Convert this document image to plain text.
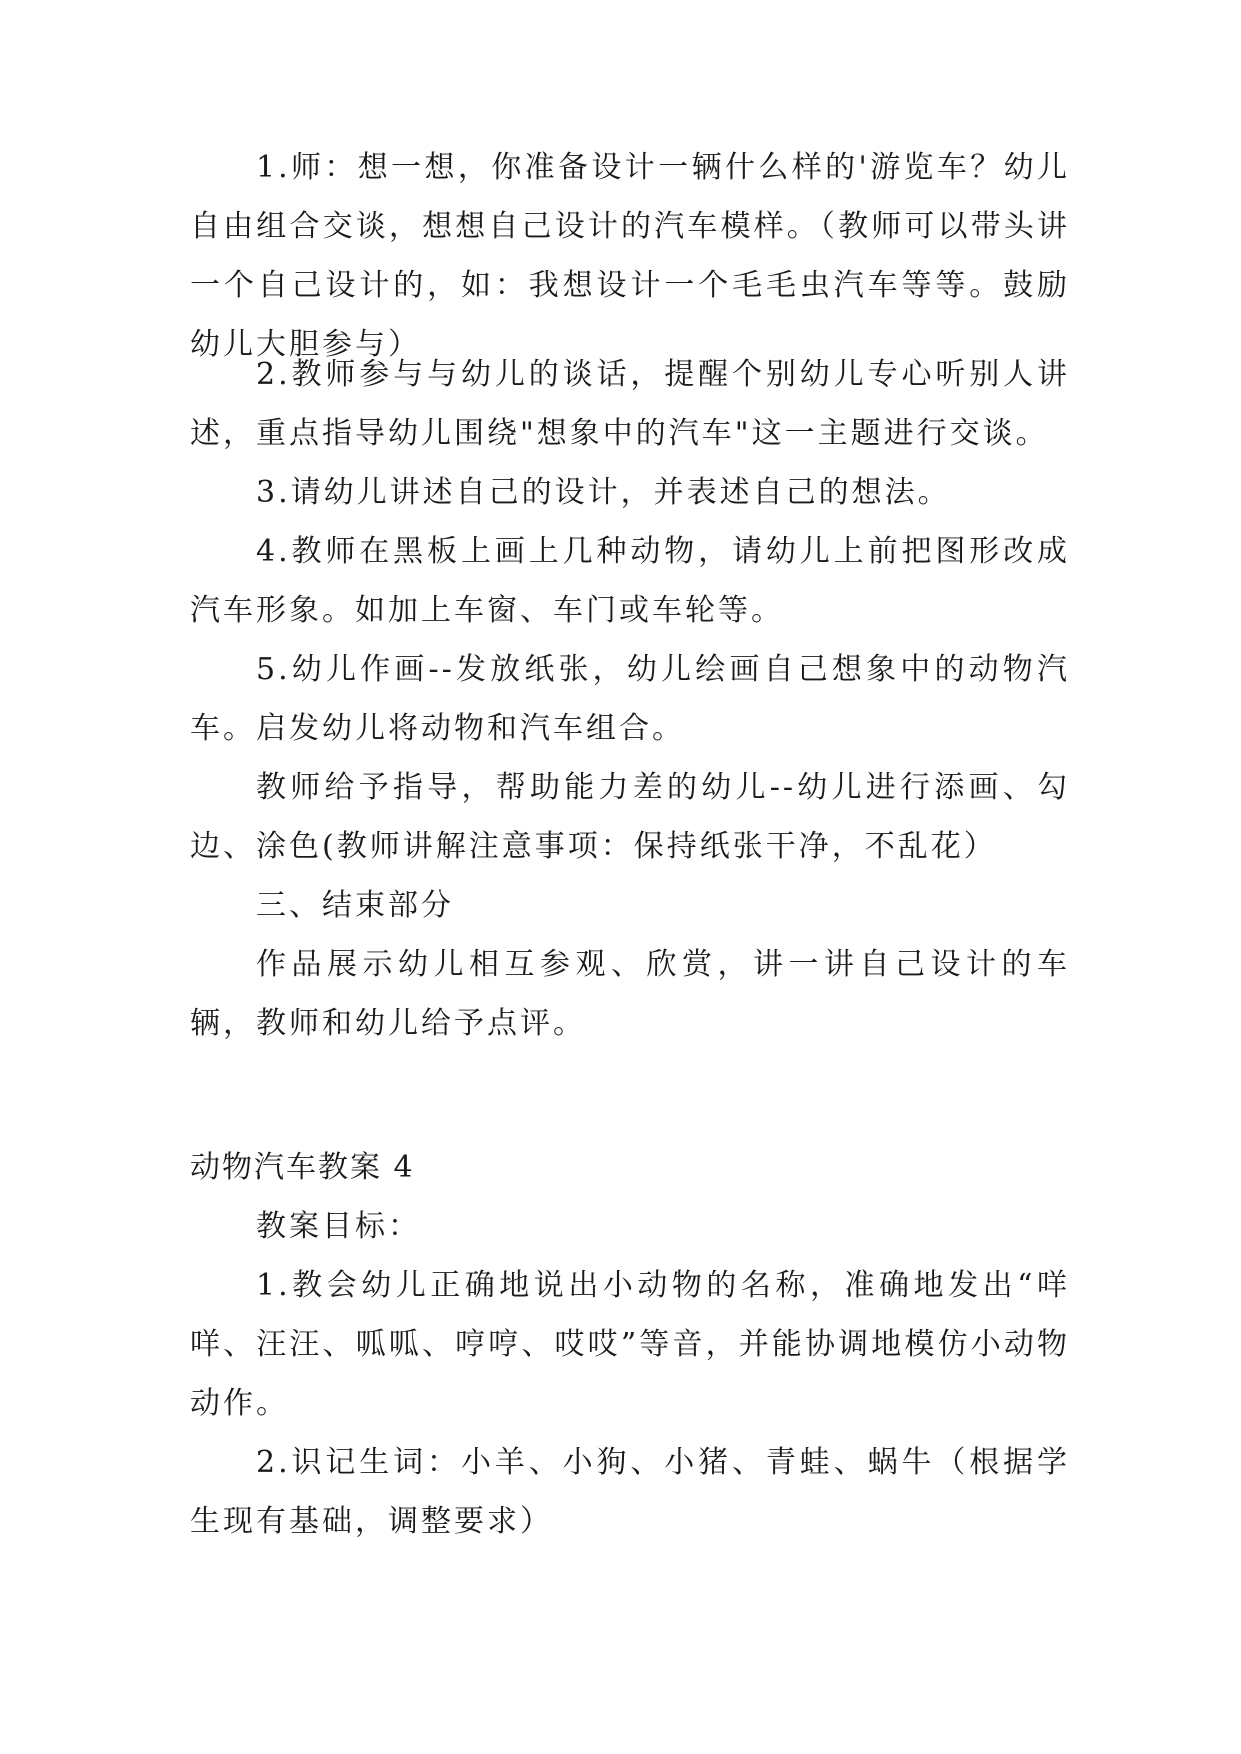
1.师：想一想，你准备设计一辆什么样的'游览车？幼儿自由组合交谈，想想自己设计的汽车模样。（教师可以带头讲一个自己设计的，如：我想设计一个毛毛虫汽车等等。鼓励幼儿大胆参与）

2.教师参与与幼儿的谈话，提醒个别幼儿专心听别人讲述，重点指导幼儿围绕"想象中的汽车"这一主题进行交谈。

3.请幼儿讲述自己的设计，并表述自己的想法。

4.教师在黑板上画上几种动物，请幼儿上前把图形改成汽车形象。如加上车窗、车门或车轮等。

5.幼儿作画--发放纸张，幼儿绘画自己想象中的动物汽车。启发幼儿将动物和汽车组合。

教师给予指导，帮助能力差的幼儿--幼儿进行添画、勾边、涂色(教师讲解注意事项：保持纸张干净，不乱花）

三、结束部分

作品展示幼儿相互参观、欣赏，讲一讲自己设计的车辆，教师和幼儿给予点评。

动物汽车教案 4

教案目标：

1.教会幼儿正确地说出小动物的名称，准确地发出“咩咩、汪汪、呱呱、哼哼、哎哎”等音，并能协调地模仿小动物动作。

2.识记生词：小羊、小狗、小猪、青蛙、蜗牛（根据学生现有基础，调整要求）
